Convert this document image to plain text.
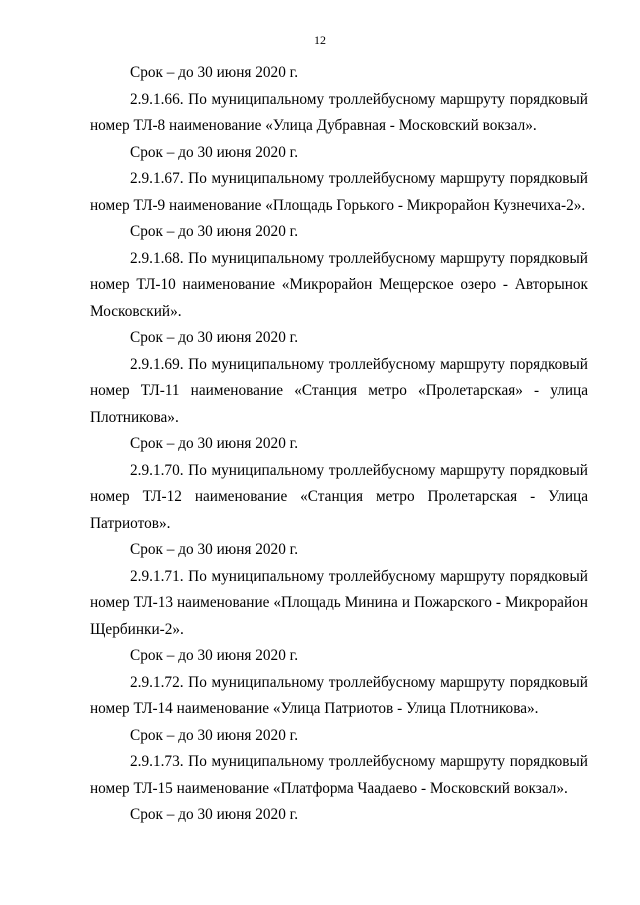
12

Срок – до 30 июня 2020 г.

2.9.1.66. По муниципальному троллейбусному маршруту порядковый номер ТЛ-8 наименование «Улица Дубравная - Московский вокзал».

Срок – до 30 июня 2020 г.

2.9.1.67. По муниципальному троллейбусному маршруту порядковый номер ТЛ-9 наименование «Площадь Горького - Микрорайон Кузнечиха-2».

Срок – до 30 июня 2020 г.

2.9.1.68. По муниципальному троллейбусному маршруту порядковый номер ТЛ-10 наименование «Микрорайон Мещерское озеро - Авторынок Московский».

Срок – до 30 июня 2020 г.

2.9.1.69. По муниципальному троллейбусному маршруту порядковый номер ТЛ-11 наименование «Станция метро «Пролетарская» - улица Плотникова».

Срок – до 30 июня 2020 г.

2.9.1.70. По муниципальному троллейбусному маршруту порядковый номер ТЛ-12 наименование «Станция метро Пролетарская - Улица Патриотов».

Срок – до 30 июня 2020 г.

2.9.1.71. По муниципальному троллейбусному маршруту порядковый номер ТЛ-13 наименование «Площадь Минина и Пожарского - Микрорайон Щербинки-2».

Срок – до 30 июня 2020 г.

2.9.1.72. По муниципальному троллейбусному маршруту порядковый номер ТЛ-14 наименование «Улица Патриотов - Улица Плотникова».

Срок – до 30 июня 2020 г.

2.9.1.73. По муниципальному троллейбусному маршруту порядковый номер ТЛ-15 наименование «Платформа Чаадаево - Московский вокзал».

Срок – до 30 июня 2020 г.
